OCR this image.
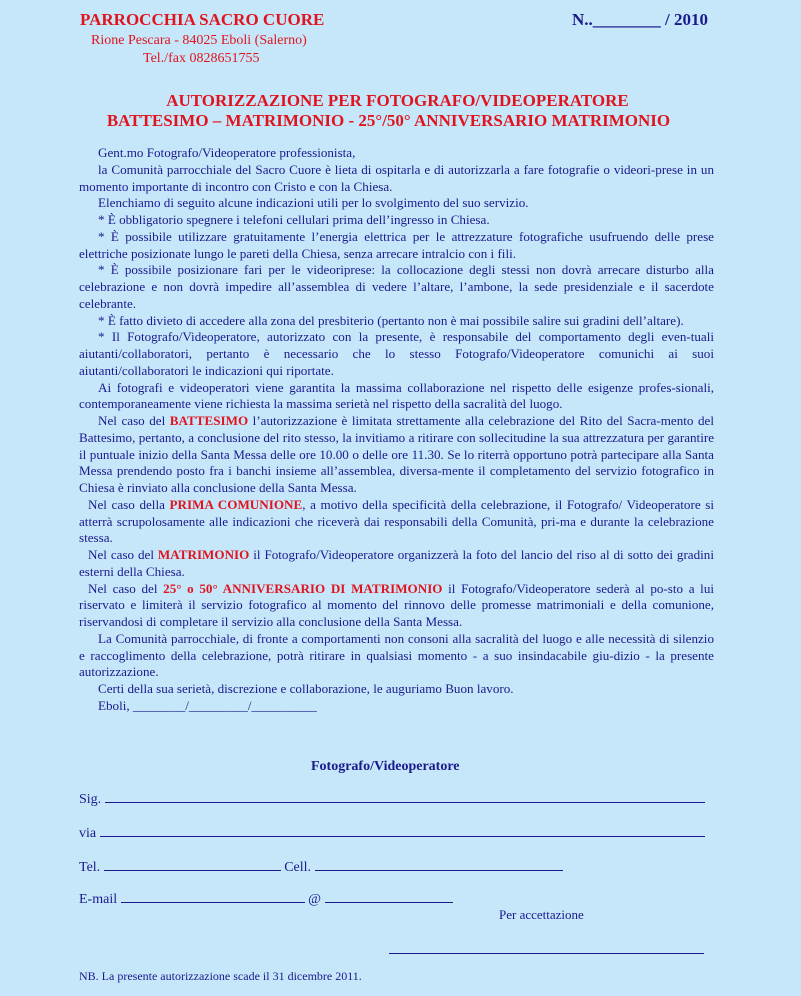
PARROCCHIA SACRO CUORE	N..________ / 2010
Rione Pescara - 84025 Eboli (Salerno)
Tel./fax 0828651755
AUTORIZZAZIONE PER FOTOGRAFO/VIDEOPERATORE
BATTESIMO – MATRIMONIO - 25°/50° ANNIVERSARIO MATRIMONIO

Gent.mo Fotografo/Videoperatore professionista,

la Comunità parrocchiale del Sacro Cuore è lieta di ospitarla e di autorizzarla a fare fotografie o videori-prese in un momento importante di incontro con Cristo e con la Chiesa.

Elenchiamo di seguito alcune indicazioni utili per lo svolgimento del suo servizio.

* È obbligatorio spegnere i telefoni cellulari prima dell’ingresso in Chiesa.

* È possibile utilizzare gratuitamente l’energia elettrica per le attrezzature fotografiche usufruendo delle prese elettriche posizionate lungo le pareti della Chiesa, senza arrecare intralcio con i fili.

* È possibile posizionare fari per le videoriprese: la collocazione degli stessi non dovrà arrecare disturbo alla celebrazione e non dovrà impedire all’assemblea di vedere l’altare, l’ambone, la sede presidenziale e il sacerdote celebrante.

* È fatto divieto di accedere alla zona del presbiterio (pertanto non è mai possibile salire sui gradini dell’altare).

* Il Fotografo/Videoperatore, autorizzato con la presente, è responsabile del comportamento degli even-tuali aiutanti/collaboratori, pertanto è necessario che lo stesso Fotografo/Videoperatore comunichi ai suoi aiutanti/collaboratori le indicazioni qui riportate.

Ai fotografi e videoperatori viene garantita la massima collaborazione nel rispetto delle esigenze profes-sionali, contemporaneamente viene richiesta la massima serietà nel rispetto della sacralità del luogo.

Nel caso del BATTESIMO l’autorizzazione è limitata strettamente alla celebrazione del Rito del Sacra-mento del Battesimo, pertanto, a conclusione del rito stesso, la invitiamo a ritirare con sollecitudine la sua attrezzatura per garantire il puntuale inizio della Santa Messa delle ore 10.00 o delle ore 11.30. Se lo riterrà opportuno potrà partecipare alla Santa Messa prendendo posto fra i banchi insieme all’assemblea, diversa-mente il completamento del servizio fotografico in Chiesa è rinviato alla conclusione della Santa Messa.

Nel caso della PRIMA COMUNIONE, a motivo della specificità della celebrazione, il Fotografo/ Videoperatore si atterrà scrupolosamente alle indicazioni che riceverà dai responsabili della Comunità, pri-ma e durante la celebrazione stessa.

Nel caso del MATRIMONIO il Fotografo/Videoperatore organizzerà la foto del lancio del riso al di sotto dei gradini esterni della Chiesa.

Nel caso del 25° o 50° ANNIVERSARIO DI MATRIMONIO il Fotografo/Videoperatore sederà al po-sto a lui riservato e limiterà il servizio fotografico al momento del rinnovo delle promesse matrimoniali e della comunione, riservandosi di completare il servizio alla conclusione della Santa Messa.

La Comunità parrocchiale, di fronte a comportamenti non consoni alla sacralità del luogo e alle necessità di silenzio e raccoglimento della celebrazione, potrà ritirare in qualsiasi momento - a suo insindacabile giu-dizio - la presente autorizzazione.

Certi della sua serietà, discrezione e collaborazione, le auguriamo Buon lavoro.

Eboli, ________/_________/__________

Fotografo/Videoperatore
Sig.
via
Tel.	Cell.
E-mail	@
Per accettazione
NB. La presente autorizzazione scade il 31 dicembre 2011.
